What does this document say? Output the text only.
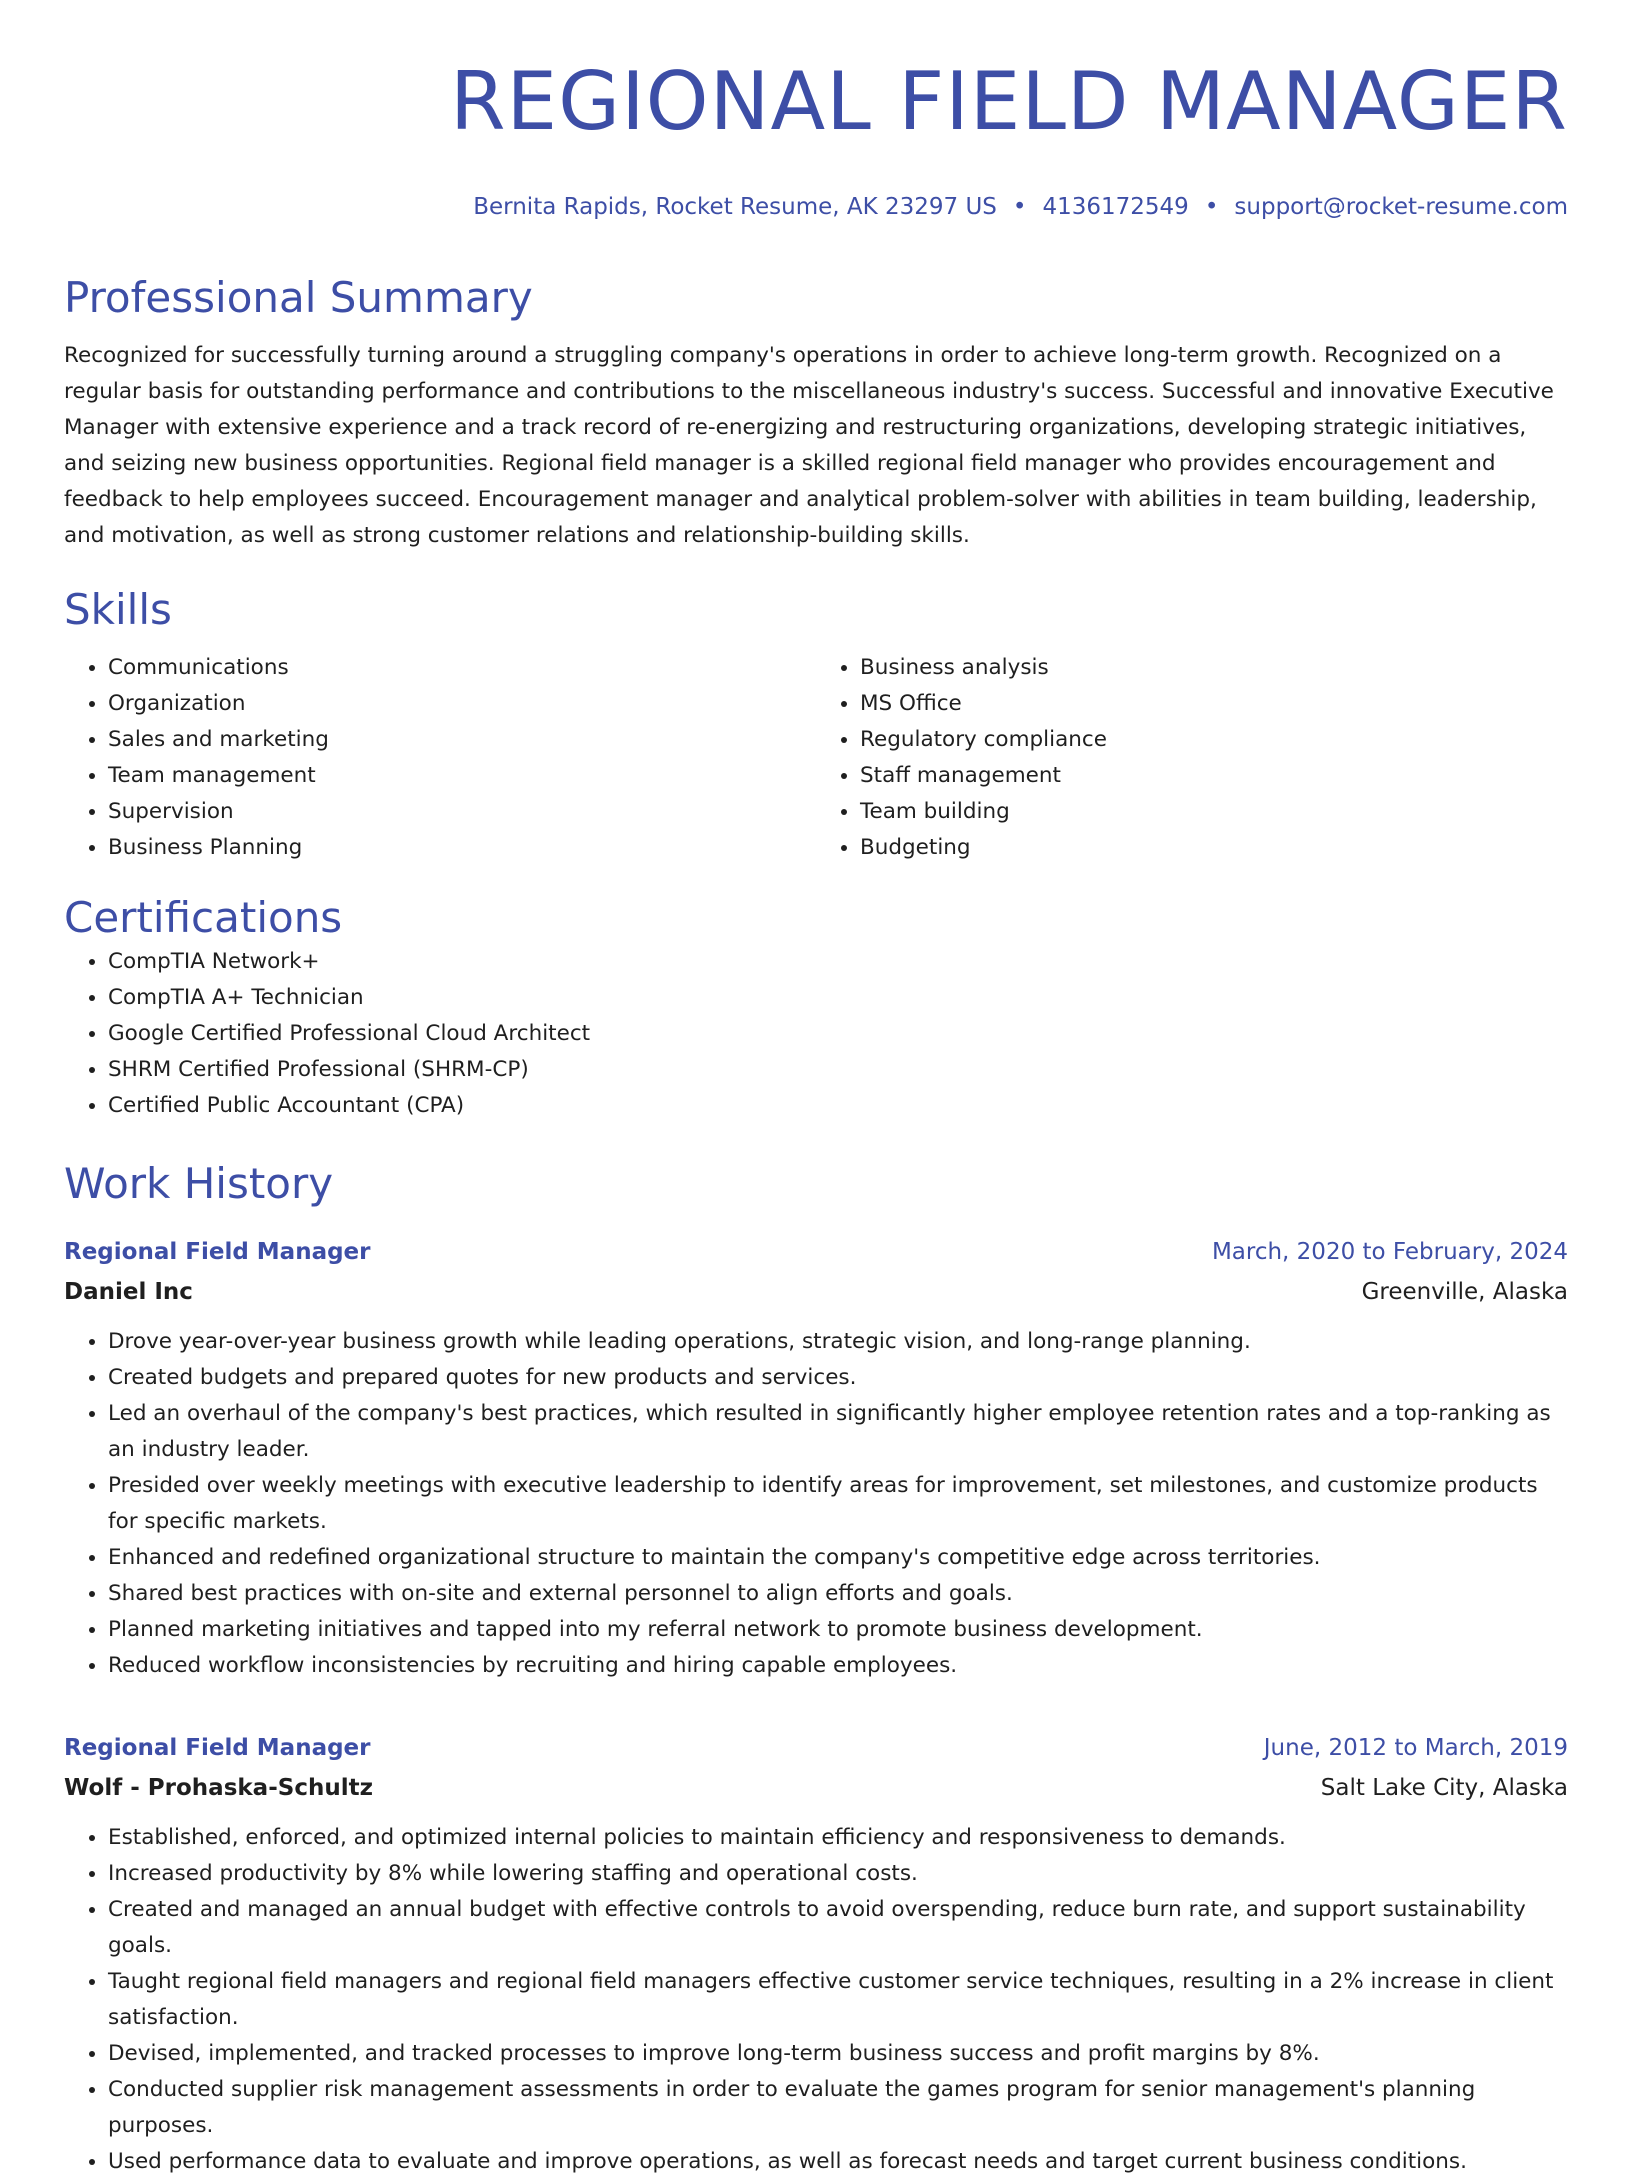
REGIONAL FIELD MANAGER
Bernita Rapids, Rocket Resume, AK 23297 US • 4136172549 • support@rocket-resume.com
Professional Summary
Recognized for successfully turning around a struggling company's operations in order to achieve long-term growth. Recognized on a regular basis for outstanding performance and contributions to the miscellaneous industry's success. Successful and innovative Executive Manager with extensive experience and a track record of re-energizing and restructuring organizations, developing strategic initiatives, and seizing new business opportunities. Regional field manager is a skilled regional field manager who provides encouragement and feedback to help employees succeed. Encouragement manager and analytical problem-solver with abilities in team building, leadership, and motivation, as well as strong customer relations and relationship-building skills.
Skills
• Communications
• Organization
• Sales and marketing
• Team management
• Supervision
• Business Planning
• Business analysis
• MS Office
• Regulatory compliance
• Staff management
• Team building
• Budgeting
Certifications
• CompTIA Network+
• CompTIA A+ Technician
• Google Certified Professional Cloud Architect
• SHRM Certified Professional (SHRM-CP)
• Certified Public Accountant (CPA)
Work History
Regional Field Manager	March, 2020 to February, 2024
Daniel Inc	Greenville, Alaska
• Drove year-over-year business growth while leading operations, strategic vision, and long-range planning.
• Created budgets and prepared quotes for new products and services.
• Led an overhaul of the company's best practices, which resulted in significantly higher employee retention rates and a top-ranking as an industry leader.
• Presided over weekly meetings with executive leadership to identify areas for improvement, set milestones, and customize products for specific markets.
• Enhanced and redefined organizational structure to maintain the company's competitive edge across territories.
• Shared best practices with on-site and external personnel to align efforts and goals.
• Planned marketing initiatives and tapped into my referral network to promote business development.
• Reduced workflow inconsistencies by recruiting and hiring capable employees.
Regional Field Manager	June, 2012 to March, 2019
Wolf - Prohaska-Schultz	Salt Lake City, Alaska
• Established, enforced, and optimized internal policies to maintain efficiency and responsiveness to demands.
• Increased productivity by 8% while lowering staffing and operational costs.
• Created and managed an annual budget with effective controls to avoid overspending, reduce burn rate, and support sustainability goals.
• Taught regional field managers and regional field managers effective customer service techniques, resulting in a 2% increase in client satisfaction.
• Devised, implemented, and tracked processes to improve long-term business success and profit margins by 8%.
• Conducted supplier risk management assessments in order to evaluate the games program for senior management's planning purposes.
• Used performance data to evaluate and improve operations, as well as forecast needs and target current business conditions.
